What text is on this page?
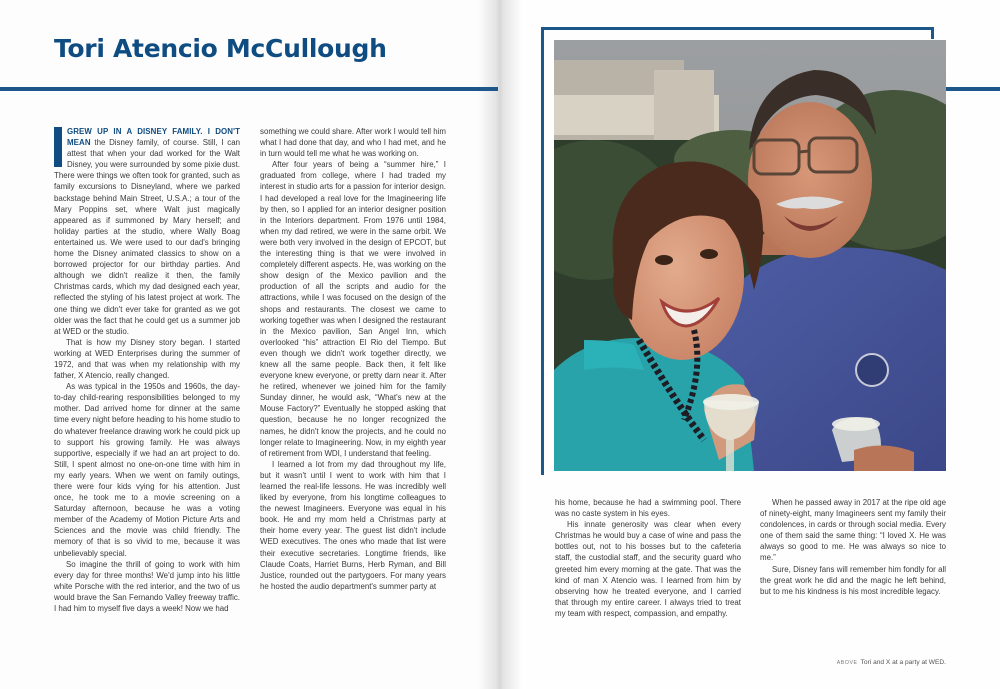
Tori Atencio McCullough

GREW UP IN A DISNEY FAMILY. I DON'T MEAN the Disney family, of course. Still, I can attest that when your dad worked for the Walt Disney, you were surrounded by some pixie dust. There were things we often took for granted, such as family excursions to Disneyland, where we parked backstage behind Main Street, U.S.A.; a tour of the Mary Poppins set, where Walt just magically appeared as if summoned by Mary herself; and holiday parties at the studio, where Wally Boag entertained us. We were used to our dad's bringing home the Disney animated classics to show on a borrowed projector for our birthday parties. And although we didn't realize it then, the family Christmas cards, which my dad designed each year, reflected the styling of his latest project at work. The one thing we didn't ever take for granted as we got older was the fact that he could get us a summer job at WED or the studio.

That is how my Disney story began. I started working at WED Enterprises during the summer of 1972, and that was when my relationship with my father, X Atencio, really changed.

As was typical in the 1950s and 1960s, the day-to-day child-rearing responsibilities belonged to my mother. Dad arrived home for dinner at the same time every night before heading to his home studio to do whatever freelance drawing work he could pick up to support his growing family. He was always supportive, especially if we had an art project to do. Still, I spent almost no one-on-one time with him in my early years. When we went on family outings, there were four kids vying for his attention. Just once, he took me to a movie screening on a Saturday afternoon, because he was a voting member of the Academy of Motion Picture Arts and Sciences and the movie was child friendly. The memory of that is so vivid to me, because it was unbelievably special.

So imagine the thrill of going to work with him every day for three months! We'd jump into his little white Porsche with the red interior, and the two of us would brave the San Fernando Valley freeway traffic. I had him to myself five days a week! Now we had

something we could share. After work I would tell him what I had done that day, and who I had met, and he in turn would tell me what he was working on.

After four years of being a “summer hire,” I graduated from college, where I had traded my interest in studio arts for a passion for interior design. I had developed a real love for the Imagineering life by then, so I applied for an interior designer position in the Interiors department. From 1976 until 1984, when my dad retired, we were in the same orbit. We were both very involved in the design of EPCOT, but the interesting thing is that we were involved in completely different aspects. He, was working on the show design of the Mexico pavilion and the production of all the scripts and audio for the attractions, while I was focused on the design of the shops and restaurants. The closest we came to working together was when I designed the restaurant in the Mexico pavilion, San Angel Inn, which overlooked “his” attraction El Rio del Tiempo. But even though we didn't work together directly, we knew all the same people. Back then, it felt like everyone knew everyone, or pretty darn near it. After he retired, whenever we joined him for the family Sunday dinner, he would ask, “What's new at the Mouse Factory?” Eventually he stopped asking that question, because he no longer recognized the names, he didn't know the projects, and he could no longer relate to Imagineering. Now, in my eighth year of retirement from WDI, I understand that feeling.

I learned a lot from my dad throughout my life, but it wasn't until I went to work with him that I learned the real-life lessons. He was incredibly well liked by everyone, from his longtime colleagues to the newest Imagineers. Everyone was equal in his book. He and my mom held a Christmas party at their home every year. The guest list didn't include WED executives. The ones who made that list were their executive secretaries. Longtime friends, like Claude Coats, Harriet Burns, Herb Ryman, and Bill Justice, rounded out the partygoers. For many years he hosted the audio department's summer party at

his home, because he had a swimming pool. There was no caste system in his eyes.

His innate generosity was clear when every Christmas he would buy a case of wine and pass the bottles out, not to his bosses but to the cafeteria staff, the custodial staff, and the security guard who greeted him every morning at the gate. That was the kind of man X Atencio was. I learned from him by observing how he treated everyone, and I carried that through my entire career. I always tried to treat my team with respect, compassion, and empathy.

When he passed away in 2017 at the ripe old age of ninety-eight, many Imagineers sent my family their condolences, in cards or through social media. Every one of them said the same thing: “I loved X. He was always so good to me. He was always so nice to me.”

Sure, Disney fans will remember him fondly for all the great work he did and the magic he left behind, but to me his kindness is his most incredible legacy.

ABOVE Tori and X at a party at WED.
